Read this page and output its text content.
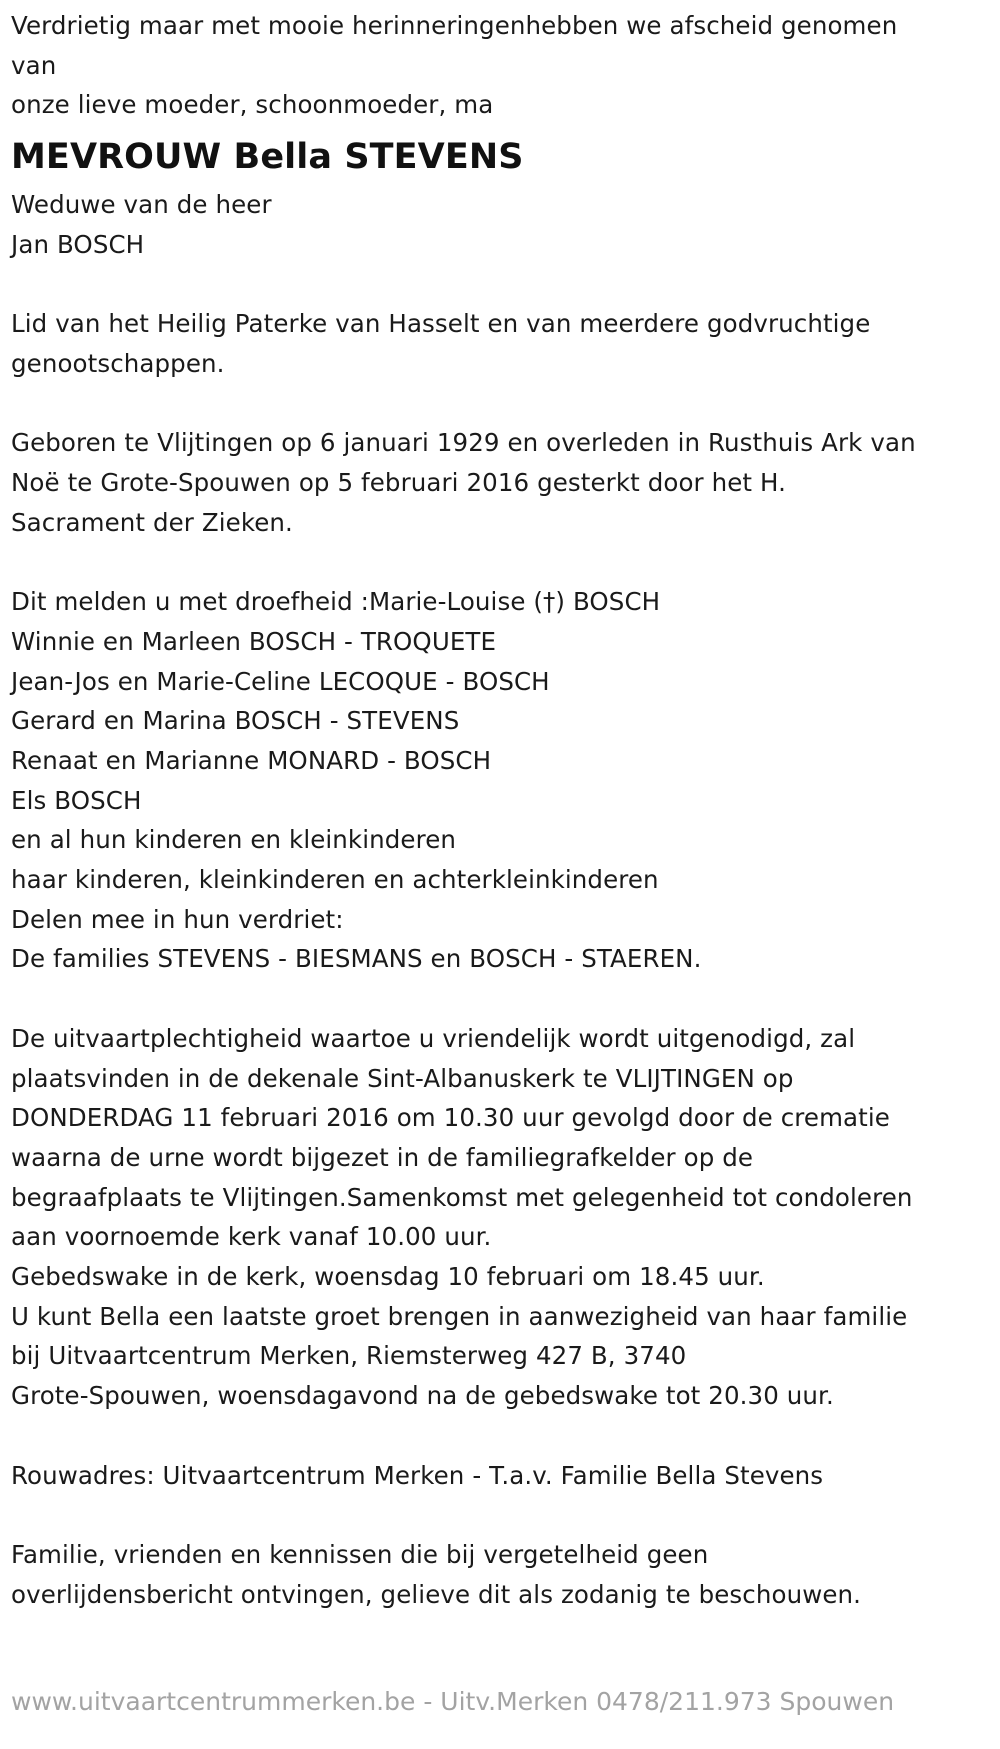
Verdrietig maar met mooie herinneringenhebben we afscheid genomen
van
onze lieve moeder, schoonmoeder, ma
MEVROUW Bella STEVENS
Weduwe van de heer
Jan BOSCH
Lid van het Heilig Paterke van Hasselt en van meerdere godvruchtige
genootschappen.
Geboren te Vlijtingen op 6 januari 1929 en overleden in Rusthuis Ark van
Noë te Grote-Spouwen op 5 februari 2016 gesterkt door het H.
Sacrament der Zieken.
Dit melden u met droefheid :Marie-Louise (†) BOSCH
Winnie en Marleen BOSCH - TROQUETE
Jean-Jos en Marie-Celine LECOQUE - BOSCH
Gerard en Marina BOSCH - STEVENS
Renaat en Marianne MONARD - BOSCH
Els BOSCH
en al hun kinderen en kleinkinderen
haar kinderen, kleinkinderen en achterkleinkinderen
Delen mee in hun verdriet:
De families STEVENS - BIESMANS en BOSCH - STAEREN.
De uitvaartplechtigheid waartoe u vriendelijk wordt uitgenodigd, zal
plaatsvinden in de dekenale Sint-Albanuskerk te VLIJTINGEN op
DONDERDAG 11 februari 2016 om 10.30 uur gevolgd door de crematie
waarna de urne wordt bijgezet in de familiegrafkelder op de
begraafplaats te Vlijtingen.Samenkomst met gelegenheid tot condoleren
aan voornoemde kerk vanaf 10.00 uur.
Gebedswake in de kerk, woensdag 10 februari om 18.45 uur.
U kunt Bella een laatste groet brengen in aanwezigheid van haar familie
bij Uitvaartcentrum Merken, Riemsterweg 427 B, 3740
Grote-Spouwen, woensdagavond na de gebedswake tot 20.30 uur.
Rouwadres: Uitvaartcentrum Merken - T.a.v. Familie Bella Stevens
Familie, vrienden en kennissen die bij vergetelheid geen
overlijdensbericht ontvingen, gelieve dit als zodanig te beschouwen.
www.uitvaartcentrummerken.be - Uitv.Merken 0478/211.973 Spouwen
